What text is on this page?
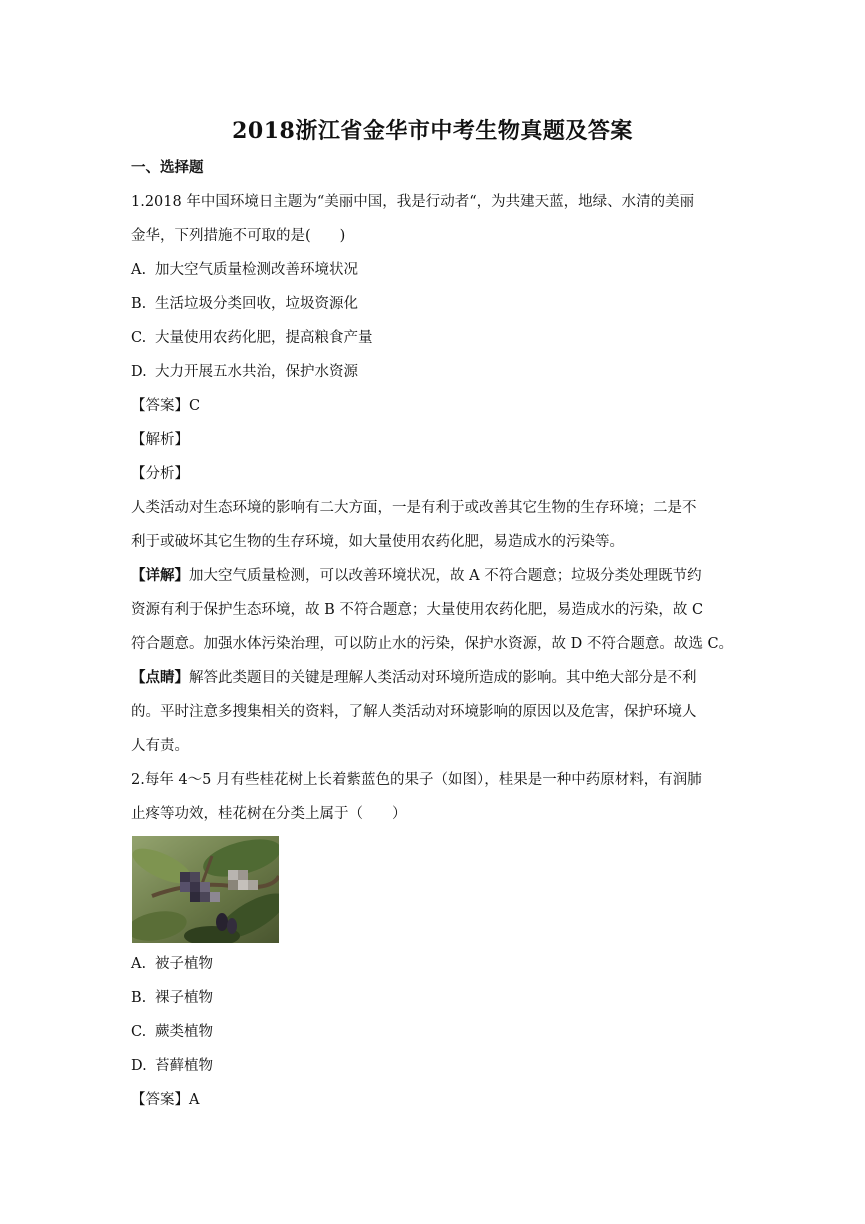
2018浙江省金华市中考生物真题及答案
一、选择题
1.2018 年中国环境日主题为“美丽中国，我是行动者“，为共建天蓝，地绿、水清的美丽
金华，下列措施不可取的是(　　)
A. 加大空气质量检测改善环境状况
B. 生活垃圾分类回收，垃圾资源化
C. 大量使用农药化肥，提高粮食产量
D. 大力开展五水共治，保护水资源
【答案】C
【解析】
【分析】
人类活动对生态环境的影响有二大方面，一是有利于或改善其它生物的生存环境；二是不
利于或破坏其它生物的生存环境，如大量使用农药化肥，易造成水的污染等。
【详解】加大空气质量检测，可以改善环境状况，故 A 不符合题意；垃圾分类处理既节约
资源有利于保护生态环境，故 B 不符合题意；大量使用农药化肥，易造成水的污染，故 C
符合题意。加强水体污染治理，可以防止水的污染，保护水资源，故 D 不符合题意。故选 C。
【点睛】解答此类题目的关键是理解人类活动对环境所造成的影响。其中绝大部分是不利
的。平时注意多搜集相关的资料，了解人类活动对环境影响的原因以及危害，保护环境人
人有责。
2.每年 4～5 月有些桂花树上长着紫蓝色的果子（如图），桂果是一种中药原材料，有润肺
止疼等功效，桂花树在分类上属于（　　）
A. 被子植物
B. 裸子植物
C. 蕨类植物
D. 苔藓植物
【答案】A
